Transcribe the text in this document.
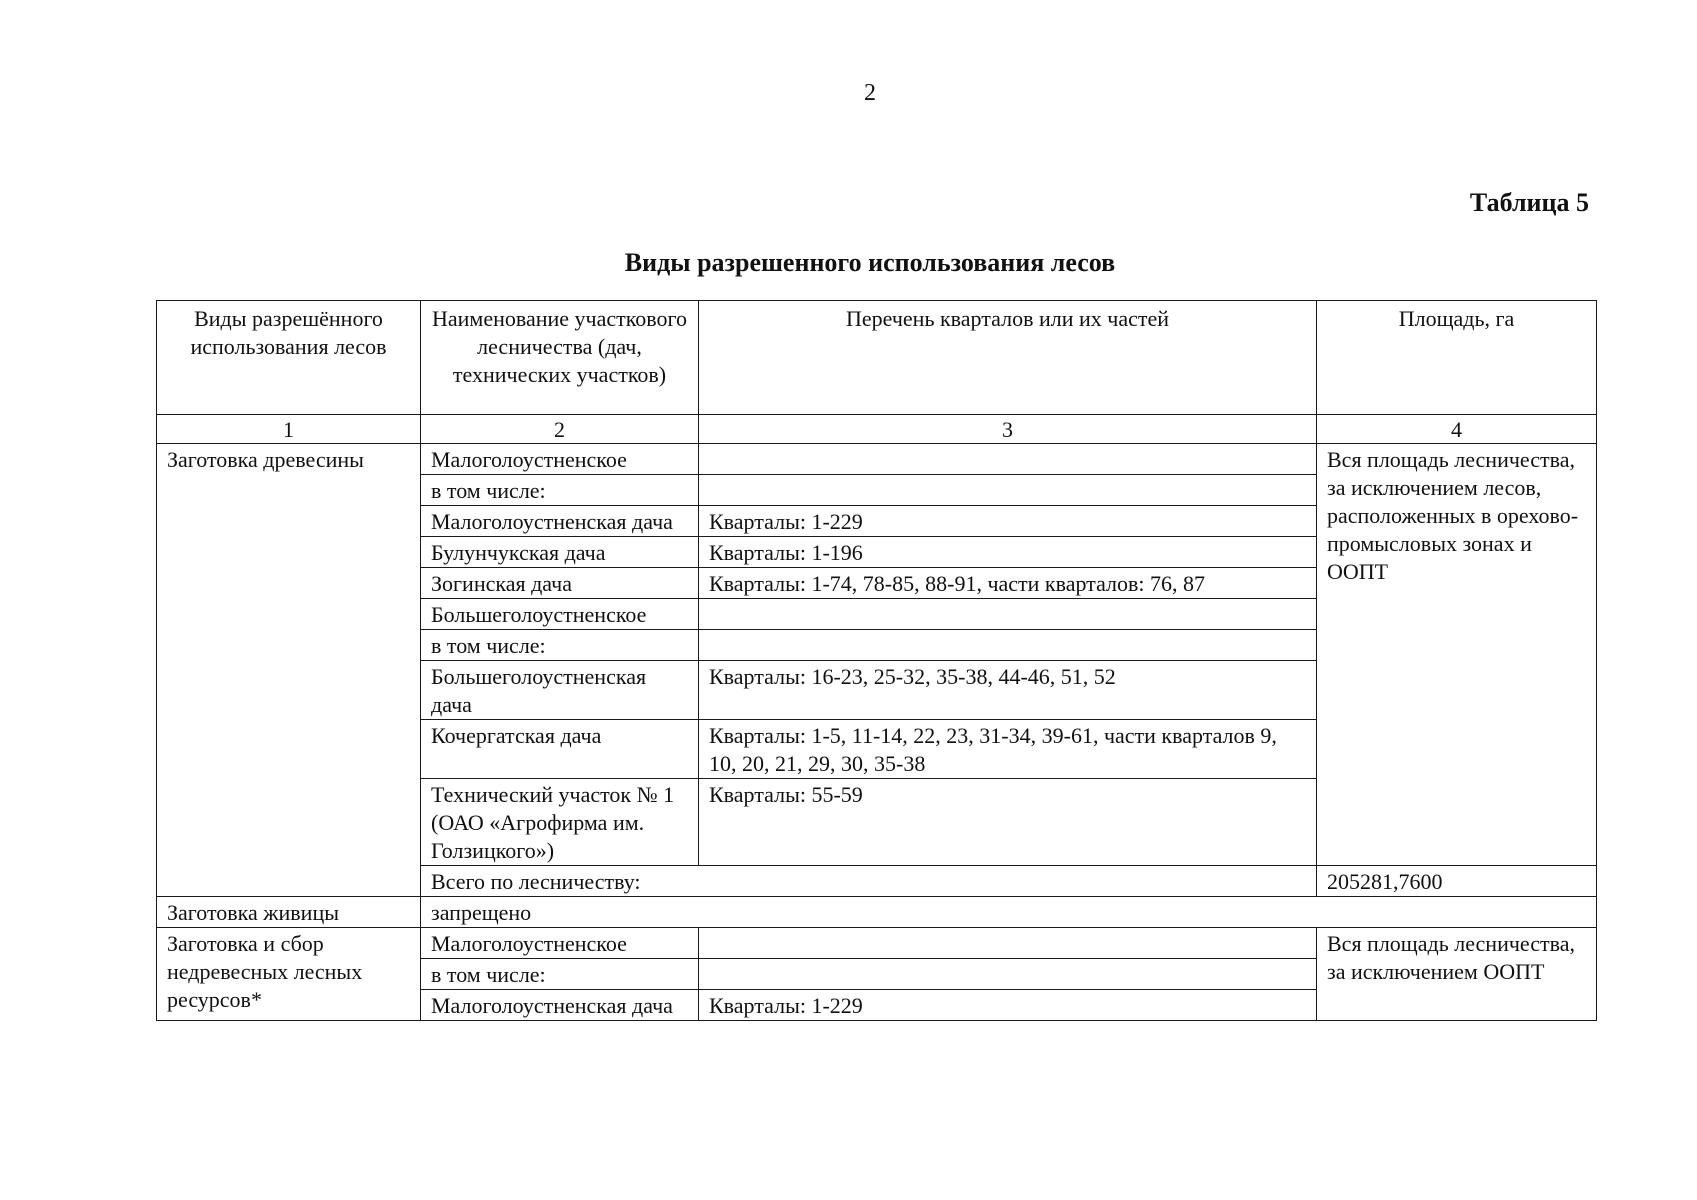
2
Таблица 5
Виды разрешенного использования лесов
Виды разрешённого использования лесов	Наименование участкового лесничества (дач, технических участков)	Перечень кварталов или их частей	Площадь, га
1	2	3	4
Заготовка древесины	Малоголоустненское		Вся площадь лесничества, за исключением лесов, расположенных в орехово-промысловых зонах и ООПТ
	в том числе:		
	Малоголоустненская дача	Кварталы: 1-229	
	Булунчукская дача	Кварталы: 1-196	
	Зогинская дача	Кварталы: 1-74, 78-85, 88-91, части кварталов: 76, 87	
	Большеголоустненское		
	в том числе:		
	Большеголоустненская дача	Кварталы: 16-23, 25-32, 35-38, 44-46, 51, 52	
	Кочергатская дача	Кварталы: 1-5, 11-14, 22, 23, 31-34, 39-61, части кварталов 9, 10, 20, 21, 29, 30, 35-38	
	Технический участок № 1 (ОАО «Агрофирма им. Голзицкого»)	Кварталы: 55-59	
	Всего по лесничеству:		205281,7600
Заготовка живицы	запрещено		
Заготовка и сбор недревесных лесных ресурсов*	Малоголоустненское		Вся площадь лесничества, за исключением ООПТ
	в том числе:		
	Малоголоустненская дача	Кварталы: 1-229	
